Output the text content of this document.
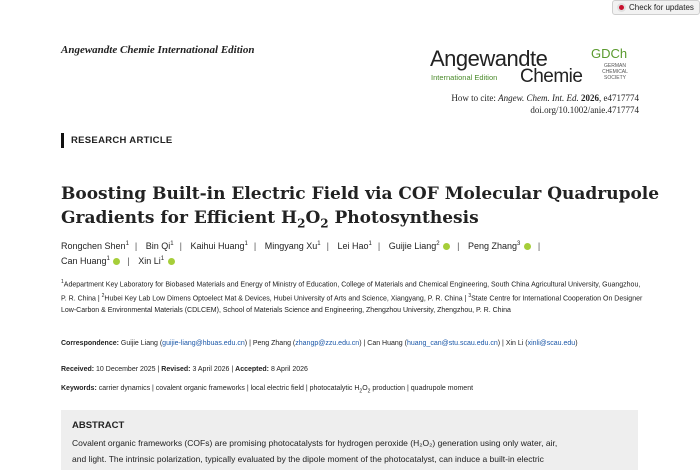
Check for updates
Angewandte Chemie International Edition	Angewandte
International Edition Chemie
GDCh
GERMAN
CHEMICAL SOCIETY
How to cite: Angew. Chem. Int. Ed. 2026, e4717774
doi.org/10.1002/anie.4717774
RESEARCH ARTICLE
Boosting Built-in Electric Field via COF Molecular Quadrupole Gradients for Efficient $H_2O_2$ Photosynthesis
Rongchen Shen$^1$ | Bin Qi$^1$ | Kaihui Huang$^1$ | Mingyang Xu$^1$ | Lei Hao$^1$ | Guijie Liang$^2$ | Peng Zhang$^3$ |
Can Huang$^1$ | Xin Li$^1$
$^1$Adepartment Key Laboratory for Biobased Materials and Energy of Ministry of Education, College of Materials and Chemical Engineering, South China Agricultural University, Guangzhou, P. R. China | $^2$Hubei Key Lab Low Dimens Optoelect Mat & Devices, Hubei University of Arts and Science, Xiangyang, P. R. China | $^3$State Centre for International Cooperation On Designer Low-Carbon & Environmental Materials (CDLCEM), School of Materials Science and Engineering, Zhengzhou University, Zhengzhou, P. R. China
Correspondence: Guijie Liang (guijie-liang@hbuas.edu.cn) | Peng Zhang (zhangp@zzu.edu.cn) | Can Huang (huang_can@stu.scau.edu.cn) | Xin Li (xinli@scau.edu)
Received: 10 December 2025 | Revised: 3 April 2026 | Accepted: 8 April 2026
Keywords: carrier dynamics | covalent organic frameworks | local electric field | photocatalytic $H_2O_2$ production | quadrupole moment
ABSTRACT
Covalent organic frameworks (COFs) are promising photocatalysts for hydrogen peroxide (H₂O₂) generation using only water, air,
and light. The intrinsic polarization, typically evaluated by the dipole moment of the photocatalyst, can induce a built-in electric
